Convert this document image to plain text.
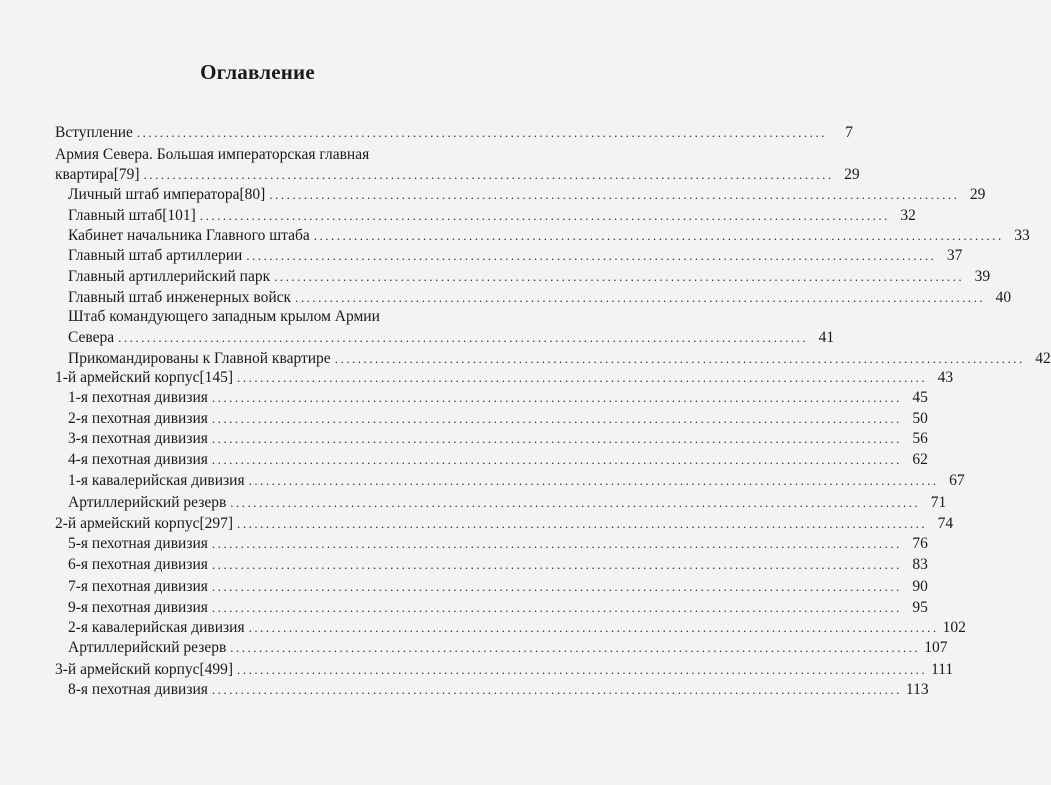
Оглавление
Вступление ........................................................................................................................	7
Армия Севера. Большая императорская главная
квартира[79] ........................................................................................................................ 29
Личный штаб императора[80] ........................................................................................................................ 29
Главный штаб[101] ........................................................................................................................ 32
Кабинет начальника Главного штаба ........................................................................................................................ 33
Главный штаб артиллерии ........................................................................................................................ 37
Главный артиллерийский парк ........................................................................................................................ 39
Главный штаб инженерных войск ........................................................................................................................ 40
Штаб командующего западным крылом Армии
Севера ........................................................................................................................ 41
Прикомандированы к Главной квартире ........................................................................................................................ 42
1-й армейский корпус[145] ........................................................................................................................ 43
1-я пехотная дивизия ........................................................................................................................ 45
2-я пехотная дивизия ........................................................................................................................ 50
3-я пехотная дивизия ........................................................................................................................ 56
4-я пехотная дивизия ........................................................................................................................ 62
1-я кавалерийская дивизия ........................................................................................................................ 67
Артиллерийский резерв ........................................................................................................................ 71
2-й армейский корпус[297] ........................................................................................................................ 74
5-я пехотная дивизия ........................................................................................................................ 76
6-я пехотная дивизия ........................................................................................................................ 83
7-я пехотная дивизия ........................................................................................................................ 90
9-я пехотная дивизия ........................................................................................................................ 95
2-я кавалерийская дивизия ........................................................................................................................ 102
Артиллерийский резерв ........................................................................................................................ 107
3-й армейский корпус[499] ........................................................................................................................ 111
8-я пехотная дивизия ........................................................................................................................ 113
